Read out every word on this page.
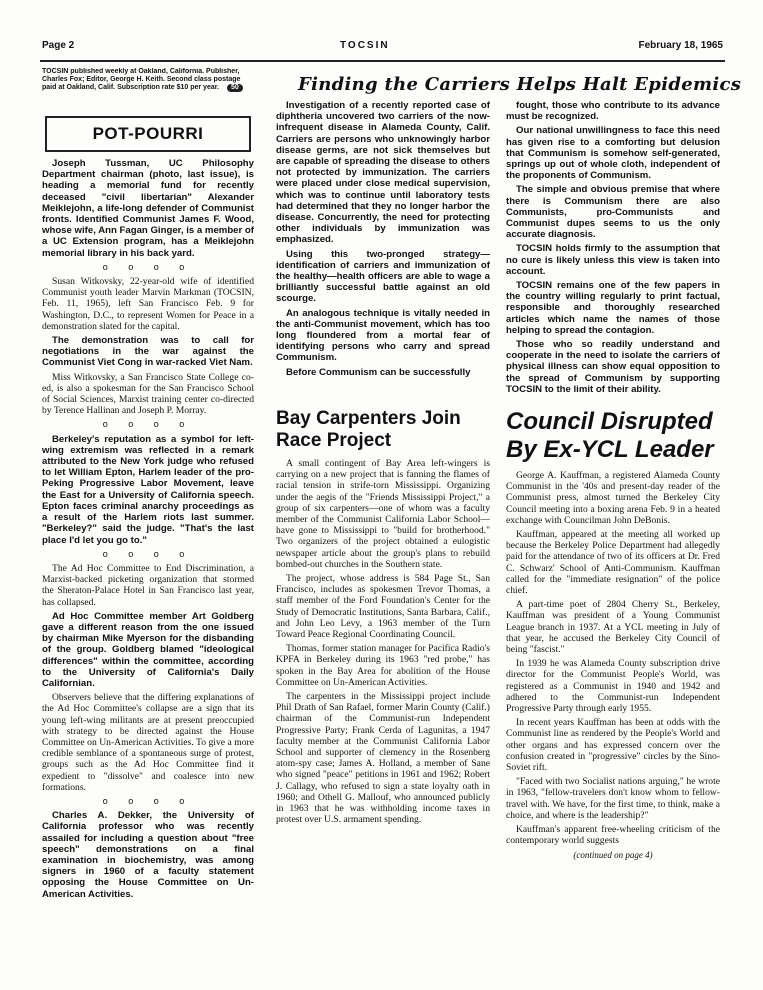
Page 2	TOCSIN	February 18, 1965
TOCSIN published weekly at Oakland, California. Publisher, Charles Fox; Editor, George H. Keith. Second class postage paid at Oakland, Calif. Subscription rate $10 per year. 50
POT-POURRI

Joseph Tussman, UC Philosophy Department chairman (photo, last issue), is heading a memorial fund for recently deceased "civil libertarian" Alexander Meiklejohn, a life-long defender of Communist fronts. Identified Communist James F. Wood, whose wife, Ann Fagan Ginger, is a member of a UC Extension program, has a Meiklejohn memorial library in his back yard.

o o o o

Susan Witkovsky, 22-year-old wife of identified Communist youth leader Marvin Markman (TOCSIN, Feb. 11, 1965), left San Francisco Feb. 9 for Washington, D.C., to represent Women for Peace in a demonstration slated for the capital.

The demonstration was to call for negotiations in the war against the Communist Viet Cong in war-racked Viet Nam.

Miss Witkovsky, a San Francisco State College co-ed, is also a spokesman for the San Francisco School of Social Sciences, Marxist training center co-directed by Terence Hallinan and Joseph P. Morray.

o o o o

Berkeley's reputation as a symbol for left-wing extremism was reflected in a remark attributed to the New York judge who refused to let William Epton, Harlem leader of the pro-Peking Progressive Labor Movement, leave the East for a University of California speech. Epton faces criminal anarchy proceedings as a result of the Harlem riots last summer. "Berkeley?" said the judge. "That's the last place I'd let you go to."

o o o o

The Ad Hoc Committee to End Discrimination, a Marxist-backed picketing organization that stormed the Sheraton-Palace Hotel in San Francisco last year, has collapsed.

Ad Hoc Committee member Art Goldberg gave a different reason from the one issued by chairman Mike Myerson for the disbanding of the group. Goldberg blamed "ideological differences" within the committee, according to the University of California's Daily Californian.

Observers believe that the differing explanations of the Ad Hoc Committee's collapse are a sign that its young left-wing militants are at present preoccupied with strategy to be directed against the House Committee on Un-American Activities. To give a more credible semblance of a spontaneous surge of protest, groups such as the Ad Hoc Committee find it expedient to "dissolve" and coalesce into new formations.

o o o o

Charles A. Dekker, the University of California professor who was recently assailed for including a question about "free speech" demonstrations on a final examination in biochemistry, was among signers in 1960 of a faculty statement opposing the House Committee on Un-American Activities.

Finding the Carriers Helps Halt Epidemics

Investigation of a recently reported case of diphtheria uncovered two carriers of the now-infrequent disease in Alameda County, Calif. Carriers are persons who unknowingly harbor disease germs, are not sick themselves but are capable of spreading the disease to others not protected by immunization. The carriers were placed under close medical supervision, which was to continue until laboratory tests had determined that they no longer harbor the disease. Concurrently, the need for protecting other individuals by immunization was emphasized.

Using this two-pronged strategy—identification of carriers and immunization of the healthy—health officers are able to wage a brilliantly successful battle against an old scourge.

An analogous technique is vitally needed in the anti-Communist movement, which has too long floundered from a mortal fear of identifying persons who carry and spread Communism.

Before Communism can be successfully

fought, those who contribute to its advance must be recognized.

Our national unwillingness to face this need has given rise to a comforting but delusion that Communism is somehow self-generated, springs up out of whole cloth, independent of the proponents of Communism.

The simple and obvious premise that where there is Communism there are also Communists, pro-Communists and Communist dupes seems to us the only accurate diagnosis.

TOCSIN holds firmly to the assumption that no cure is likely unless this view is taken into account.

TOCSIN remains one of the few papers in the country willing regularly to print factual, responsible and thoroughly researched articles which name the names of those helping to spread the contagion.

Those who so readily understand and cooperate in the need to isolate the carriers of physical illness can show equal opposition to the spread of Communism by supporting TOCSIN to the limit of their ability.

Bay Carpenters Join Race Project

A small contingent of Bay Area left-wingers is carrying on a new project that is fanning the flames of racial tension in strife-torn Mississippi. Organizing under the aegis of the "Friends Mississippi Project," a group of six carpenters—one of whom was a faculty member of the Communist California Labor School—have gone to Mississippi to "build for brotherhood." Two organizers of the project obtained a eulogistic newspaper article about the group's plans to rebuild bombed-out churches in the Southern state.

The project, whose address is 584 Page St., San Francisco, includes as spokesmen Trevor Thomas, a staff member of the Ford Foundation's Center for the Study of Democratic Institutions, Santa Barbara, Calif., and John Leo Levy, a 1963 member of the Turn Toward Peace Regional Coordinating Council.

Thomas, former station manager for Pacifica Radio's KPFA in Berkeley during its 1963 "red probe," has spoken in the Bay Area for abolition of the House Committee on Un-American Activities.

The carpenters in the Mississippi project include Phil Drath of San Rafael, former Marin County (Calif.) chairman of the Communist-run Independent Progressive Party; Frank Cerda of Lagunitas, a 1947 faculty member at the Communist California Labor School and supporter of clemency in the Rosenberg atom-spy case; James A. Holland, a member of Sane who signed "peace" petitions in 1961 and 1962; Robert J. Callagy, who refused to sign a state loyalty oath in 1960; and Othell G. Mallouf, who announced publicly in 1963 that he was withholding income taxes in protest over U.S. armament spending.

Council Disrupted By Ex-YCL Leader

George A. Kauffman, a registered Alameda County Communist in the '40s and present-day reader of the Communist press, almost turned the Berkeley City Council meeting into a boxing arena Feb. 9 in a heated exchange with Councilman John DeBonis.

Kauffman, appeared at the meeting all worked up because the Berkeley Police Department had allegedly paid for the attendance of two of its officers at Dr. Fred C. Schwarz' School of Anti-Communism. Kauffman called for the "immediate resignation" of the police chief.

A part-time poet of 2804 Cherry St., Berkeley, Kauffman was president of a Young Communist League branch in 1937. At a YCL meeting in July of that year, he accused the Berkeley City Council of being "fascist."

In 1939 he was Alameda County subscription drive director for the Communist People's World, was registered as a Communist in 1940 and 1942 and adhered to the Communist-run Independent Progressive Party through early 1955.

In recent years Kauffman has been at odds with the Communist line as rendered by the People's World and other organs and has expressed concern over the confusion created in "progressive" circles by the Sino-Soviet rift.

"Faced with two Socialist nations arguing," he wrote in 1963, "fellow-travelers don't know whom to fellow-travel with. We have, for the first time, to think, make a choice, and where is the leadership?"

Kauffman's apparent free-wheeling criticism of the contemporary world suggests

(continued on page 4)
